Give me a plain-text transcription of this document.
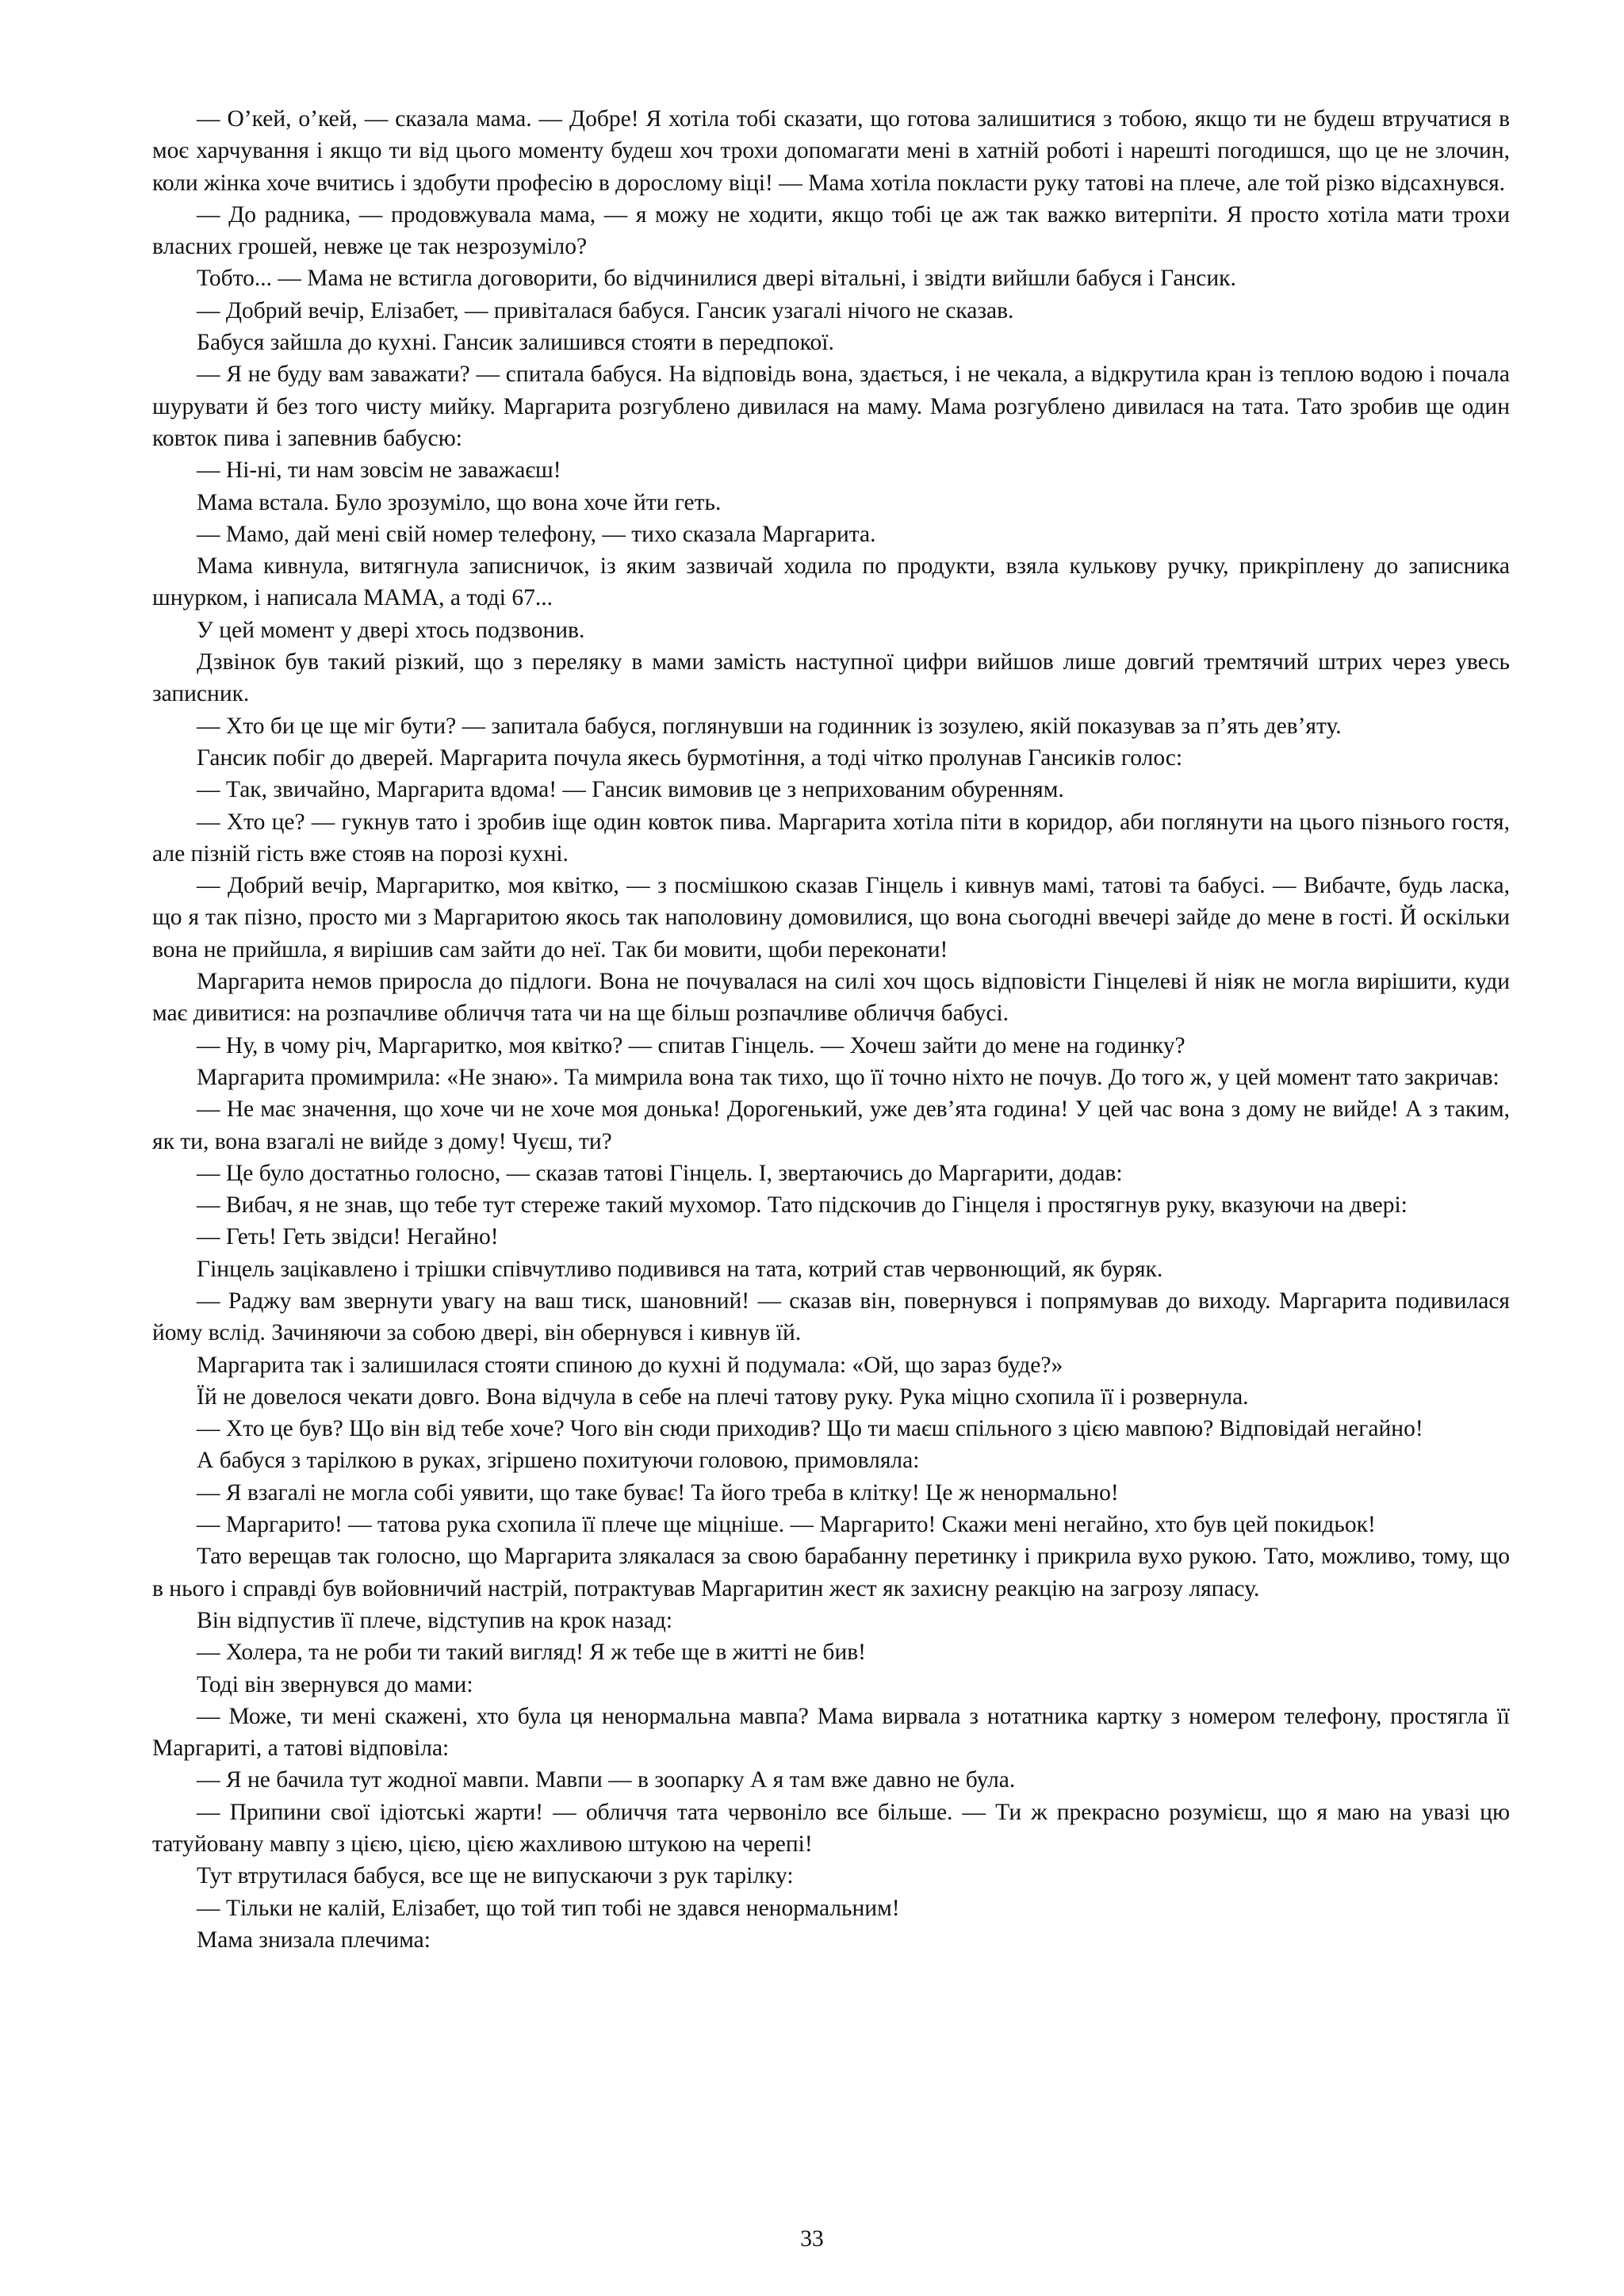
— О’кей, о’кей, — сказала мама. — Добре! Я хотіла тобі сказати, що готова залишитися з тобою, якщо ти не будеш втручатися в моє харчування і якщо ти від цього моменту будеш хоч трохи допомагати мені в хатній роботі і нарешті погодишся, що це не злочин, коли жінка хоче вчитись і здобути професію в дорослому віці! — Мама хотіла покласти руку татові на плече, але той різко відсахнувся.

— До радника, — продовжувала мама, — я можу не ходити, якщо тобі це аж так важко витерпіти. Я просто хотіла мати трохи власних грошей, невже це так незрозуміло?

Тобто... — Мама не встигла договорити, бо відчинилися двері вітальні, і звідти вийшли бабуся і Гансик.

— Добрий вечір, Елізабет, — привіталася бабуся. Гансик узагалі нічого не сказав.

Бабуся зайшла до кухні. Гансик залишився стояти в передпокої.

— Я не буду вам заважати? — спитала бабуся. На відповідь вона, здається, і не чекала, а відкрутила кран із теплою водою і почала шурувати й без того чисту мийку. Маргарита розгублено дивилася на маму. Мама розгублено дивилася на тата. Тато зробив ще один ковток пива і запевнив бабусю:

— Ні-ні, ти нам зовсім не заважаєш!

Мама встала. Було зрозуміло, що вона хоче йти геть.

— Мамо, дай мені свій номер телефону, — тихо сказала Маргарита.

Мама кивнула, витягнула записничок, із яким зазвичай ходила по продукти, взяла кулькову ручку, прикріплену до записника шнурком, і написала МАМА, а тоді 67...

У цей момент у двері хтось подзвонив.

Дзвінок був такий різкий, що з переляку в мами замість наступної цифри вийшов лише довгий тремтячий штрих через увесь записник.

— Хто би це ще міг бути? — запитала бабуся, поглянувши на годинник із зозулею, якій показував за п’ять дев’яту.

Гансик побіг до дверей. Маргарита почула якесь бурмотіння, а тоді чітко пролунав Гансиків голос:

— Так, звичайно, Маргарита вдома! — Гансик вимовив це з неприхованим обуренням.

— Хто це? — гукнув тато і зробив іще один ковток пива. Маргарита хотіла піти в коридор, аби поглянути на цього пізнього гостя, але пізній гість вже стояв на порозі кухні.

— Добрий вечір, Маргаритко, моя квітко, — з посмішкою сказав Гінцель і кивнув мамі, татові та бабусі. — Вибачте, будь ласка, що я так пізно, просто ми з Маргаритою якось так наполовину домовилися, що вона сьогодні ввечері зайде до мене в гості. Й оскільки вона не прийшла, я вирішив сам зайти до неї. Так би мовити, щоби переконати!

Маргарита немов приросла до підлоги. Вона не почувалася на силі хоч щось відповісти Гінцелеві й ніяк не могла вирішити, куди має дивитися: на розпачливе обличчя тата чи на ще більш розпачливе обличчя бабусі.

— Ну, в чому річ, Маргаритко, моя квітко? — спитав Гінцель. — Хочеш зайти до мене на годинку?

Маргарита промимрила: «Не знаю». Та мимрила вона так тихо, що її точно ніхто не почув. До того ж, у цей момент тато закричав:

— Не має значення, що хоче чи не хоче моя донька! Дорогенький, уже дев’ята година! У цей час вона з дому не вийде! А з таким, як ти, вона взагалі не вийде з дому! Чуєш, ти?

— Це було достатньо голосно, — сказав татові Гінцель. І, звертаючись до Маргарити, додав:

— Вибач, я не знав, що тебе тут стереже такий мухомор. Тато підскочив до Гінцеля і простягнув руку, вказуючи на двері:

— Геть! Геть звідси! Негайно!

Гінцель зацікавлено і трішки співчутливо подивився на тата, котрий став червонющий, як буряк.

— Раджу вам звернути увагу на ваш тиск, шановний! — сказав він, повернувся і попрямував до виходу. Маргарита подивилася йому вслід. Зачиняючи за собою двері, він обернувся і кивнув їй.

Маргарита так і залишилася стояти спиною до кухні й подумала: «Ой, що зараз буде?»

Їй не довелося чекати довго. Вона відчула в себе на плечі татову руку. Рука міцно схопила її і розвернула.

— Хто це був? Що він від тебе хоче? Чого він сюди приходив? Що ти маєш спільного з цією мавпою? Відповідай негайно!

А бабуся з тарілкою в руках, згіршено похитуючи головою, примовляла:

— Я взагалі не могла собі уявити, що таке буває! Та його треба в клітку! Це ж ненормально!

— Маргарито! — татова рука схопила її плече ще міцніше. — Маргарито! Скажи мені негайно, хто був цей покидьок!

Тато верещав так голосно, що Маргарита злякалася за свою барабанну перетинку і прикрила вухо рукою. Тато, можливо, тому, що в нього і справді був войовничий настрій, потрактував Маргаритин жест як захисну реакцію на загрозу ляпасу.

Він відпустив її плече, відступив на крок назад:

— Холера, та не роби ти такий вигляд! Я ж тебе ще в житті не бив!

Тоді він звернувся до мами:

— Може, ти мені скажені, хто була ця ненормальна мавпа? Мама вирвала з нотатника картку з номером телефону, простягла її Маргариті, а татові відповіла:

— Я не бачила тут жодної мавпи. Мавпи — в зоопарку А я там вже давно не була.

— Припини свої ідіотські жарти! — обличчя тата червоніло все більше. — Ти ж прекрасно розумієш, що я маю на увазі цю татуйовану мавпу з цією, цією, цією жахливою штукою на черепі!

Тут втрутилася бабуся, все ще не випускаючи з рук тарілку:

— Тільки не калій, Елізабет, що той тип тобі не здався ненормальним!

Мама знизала плечима:

33
